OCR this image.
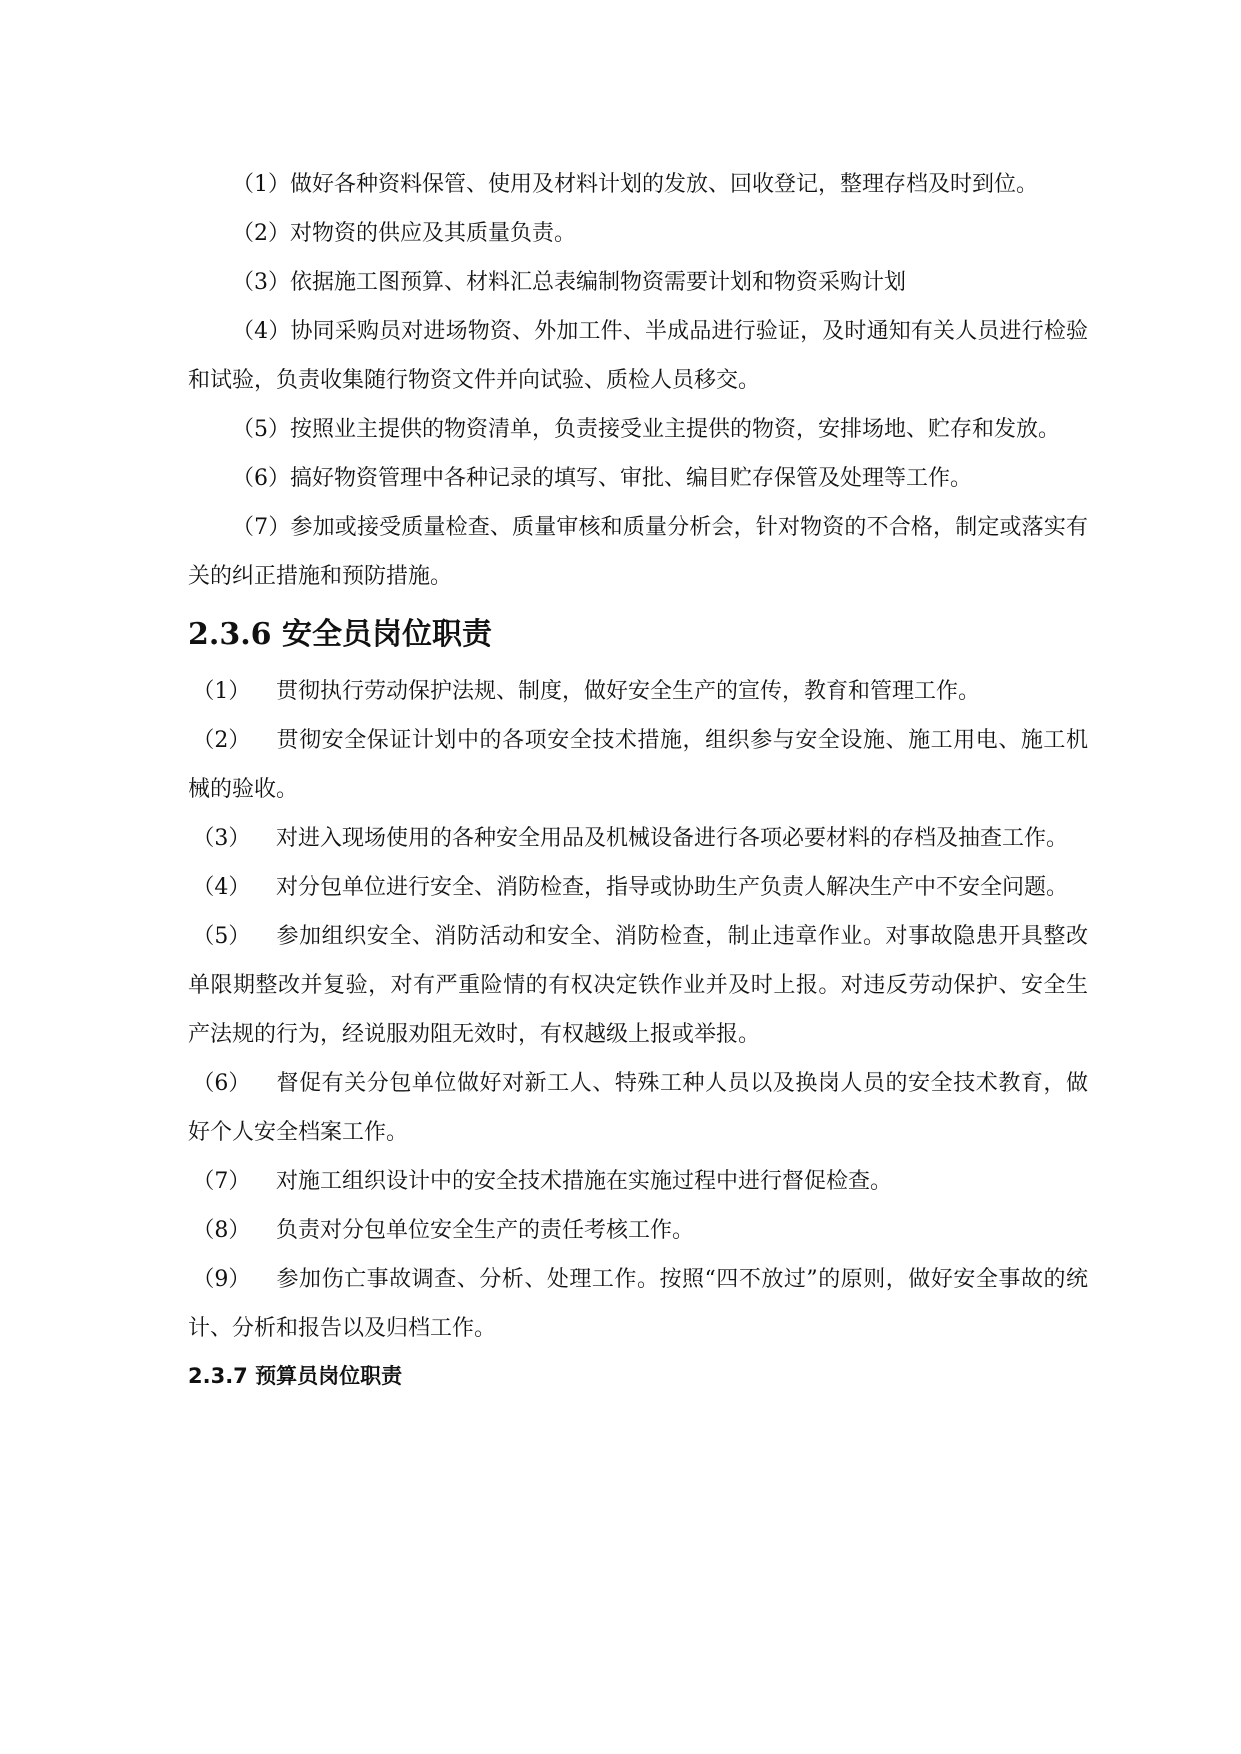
（1）做好各种资料保管、使用及材料计划的发放、回收登记，整理存档及时到位。

（2）对物资的供应及其质量负责。

（3）依据施工图预算、材料汇总表编制物资需要计划和物资采购计划

（4）协同采购员对进场物资、外加工件、半成品进行验证，及时通知有关人员进行检验和试验，负责收集随行物资文件并向试验、质检人员移交。

（5）按照业主提供的物资清单，负责接受业主提供的物资，安排场地、贮存和发放。

（6）搞好物资管理中各种记录的填写、审批、编目贮存保管及处理等工作。

（7）参加或接受质量检查、质量审核和质量分析会，针对物资的不合格，制定或落实有关的纠正措施和预防措施。

2.3.6 安全员岗位职责

（1） 贯彻执行劳动保护法规、制度，做好安全生产的宣传，教育和管理工作。

（2） 贯彻安全保证计划中的各项安全技术措施，组织参与安全设施、施工用电、施工机械的验收。

（3） 对进入现场使用的各种安全用品及机械设备进行各项必要材料的存档及抽查工作。

（4） 对分包单位进行安全、消防检查，指导或协助生产负责人解决生产中不安全问题。

（5） 参加组织安全、消防活动和安全、消防检查，制止违章作业。对事故隐患开具整改单限期整改并复验，对有严重险情的有权决定铁作业并及时上报。对违反劳动保护、安全生产法规的行为，经说服劝阻无效时，有权越级上报或举报。

（6） 督促有关分包单位做好对新工人、特殊工种人员以及换岗人员的安全技术教育，做好个人安全档案工作。

（7） 对施工组织设计中的安全技术措施在实施过程中进行督促检查。

（8） 负责对分包单位安全生产的责任考核工作。

（9） 参加伤亡事故调查、分析、处理工作。按照“四不放过”的原则，做好安全事故的统计、分析和报告以及归档工作。

2.3.7 预算员岗位职责
